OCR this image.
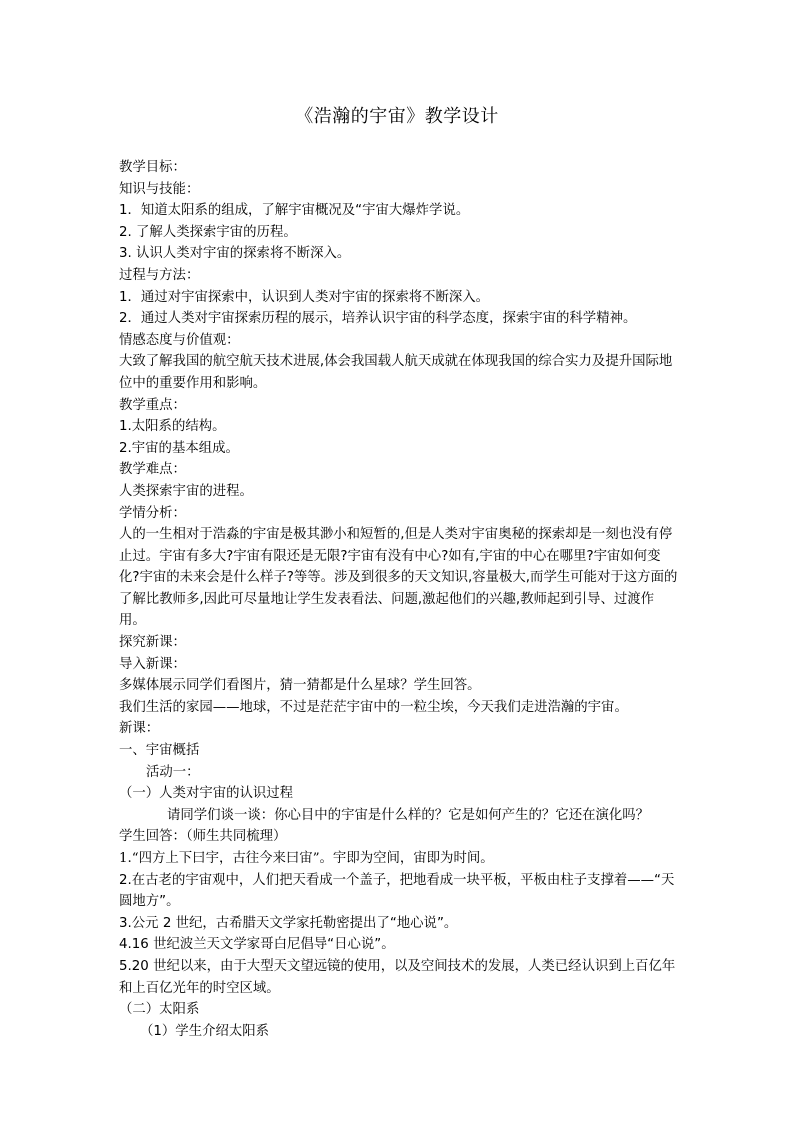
《浩瀚的宇宙》教学设计

教学目标：

知识与技能：

1．知道太阳系的组成，了解宇宙概况及“宇宙大爆炸学说。

2. 了解人类探索宇宙的历程。

3. 认识人类对宇宙的探索将不断深入。

过程与方法：

1．通过对宇宙探索中，认识到人类对宇宙的探索将不断深入。

2．通过人类对宇宙探索历程的展示，培养认识宇宙的科学态度，探索宇宙的科学精神。

情感态度与价值观：

大致了解我国的航空航天技术进展,体会我国载人航天成就在体现我国的综合实力及提升国际地位中的重要作用和影响。

教学重点：

1.太阳系的结构。

2.宇宙的基本组成。

教学难点：

人类探索宇宙的进程。

学情分析：

人的一生相对于浩淼的宇宙是极其渺小和短暂的,但是人类对宇宙奥秘的探索却是一刻也没有停止过。宇宙有多大?宇宙有限还是无限?宇宙有没有中心?如有,宇宙的中心在哪里?宇宙如何变化?宇宙的未来会是什么样子?等等。涉及到很多的天文知识,容量极大,而学生可能对于这方面的了解比教师多,因此可尽量地让学生发表看法、问题,激起他们的兴趣,教师起到引导、过渡作用。

探究新课：

导入新课：

多媒体展示同学们看图片，猜一猜都是什么星球？学生回答。

我们生活的家园——地球，不过是茫茫宇宙中的一粒尘埃，今天我们走进浩瀚的宇宙。

新课：

一、宇宙概括

活动一：

（一）人类对宇宙的认识过程

请同学们谈一谈：你心目中的宇宙是什么样的？它是如何产生的？它还在演化吗？

学生回答：（师生共同梳理）

1.“四方上下曰宇，古往今来曰宙”。宇即为空间，宙即为时间。

2.在古老的宇宙观中，人们把天看成一个盖子，把地看成一块平板，平板由柱子支撑着——“天圆地方”。

3.公元 2 世纪，古希腊天文学家托勒密提出了“地心说”。

4.16 世纪波兰天文学家哥白尼倡导“日心说”。

5.20 世纪以来，由于大型天文望远镜的使用，以及空间技术的发展，人类已经认识到上百亿年和上百亿光年的时空区域。

（二）太阳系

（1）学生介绍太阳系
